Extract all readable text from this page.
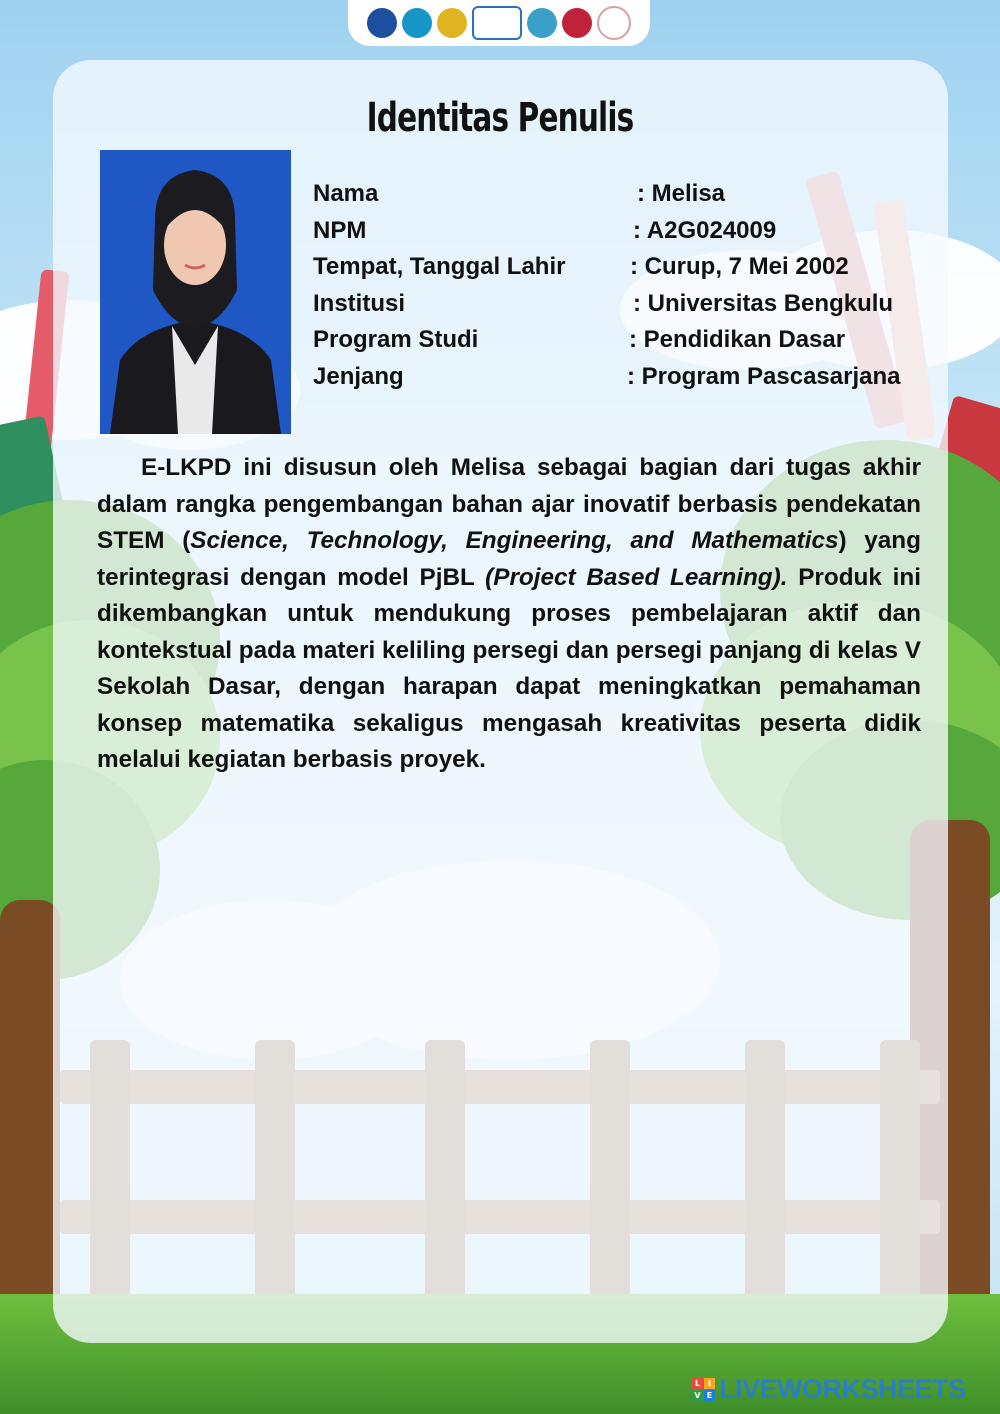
Identitas Penulis
Nama	: Melisa
NPM	: A2G024009
Tempat, Tanggal Lahir	: Curup, 7 Mei 2002
Institusi	: Universitas Bengkulu
Program Studi	: Pendidikan Dasar
Jenjang	: Program Pascasarjana

E-LKPD ini disusun oleh Melisa sebagai bagian dari tugas akhir dalam rangka pengembangan bahan ajar inovatif berbasis pendekatan STEM (Science, Technology, Engineering, and Mathematics) yang terintegrasi dengan model PjBL (Project Based Learning). Produk ini dikembangkan untuk mendukung proses pembelajaran aktif dan kontekstual pada materi keliling persegi dan persegi panjang di kelas V Sekolah Dasar, dengan harapan dapat meningkatkan pemahaman konsep matematika sekaligus mengasah kreativitas peserta didik melalui kegiatan berbasis proyek.

L I
V E LIVEWORKSHEETS
